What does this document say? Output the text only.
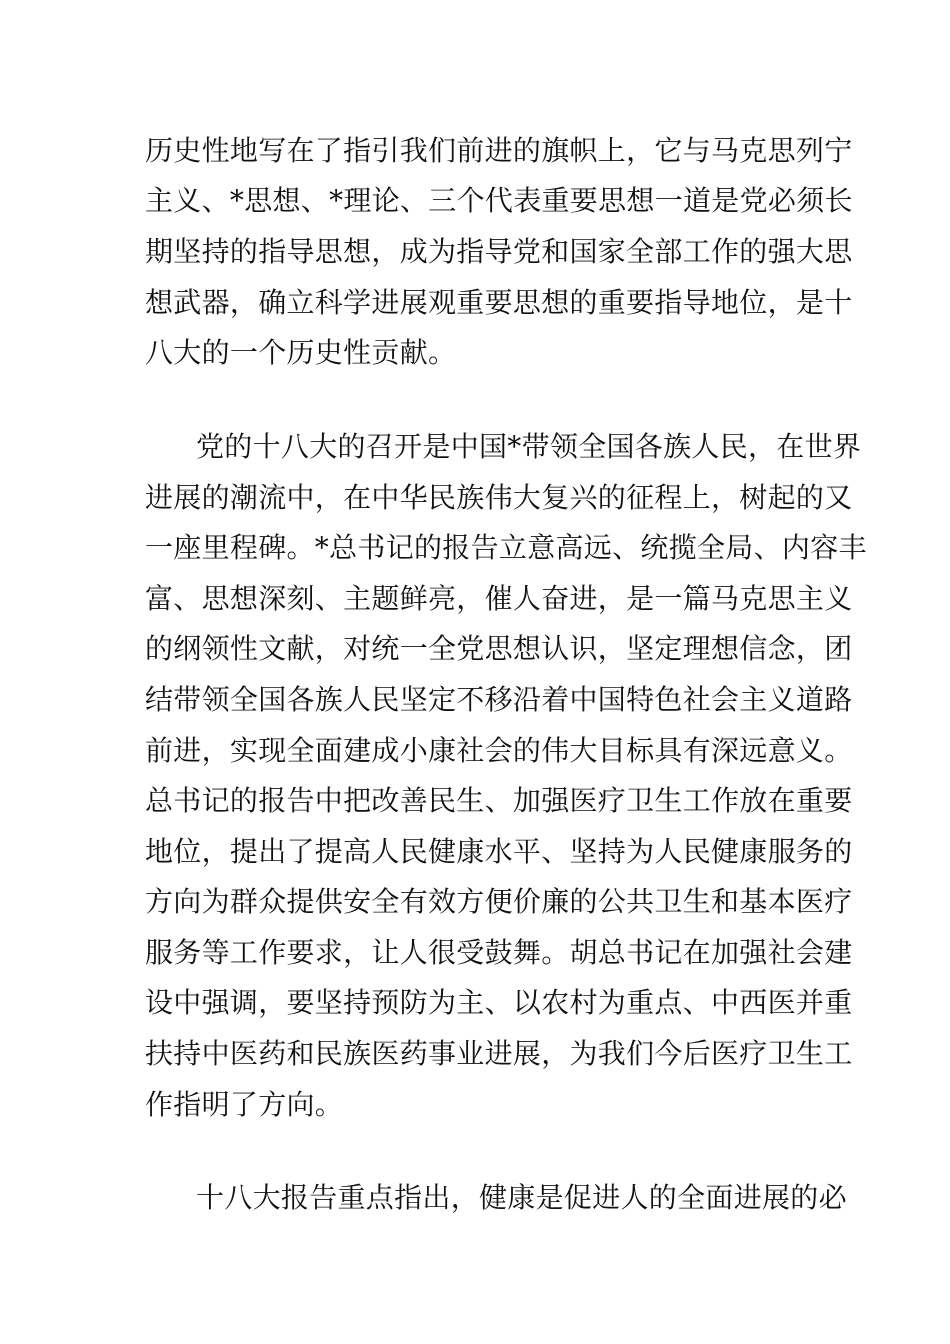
历史性地写在了指引我们前进的旗帜上，它与马克思列宁
主义、*思想、*理论、三个代表重要思想一道是党必须长
期坚持的指导思想，成为指导党和国家全部工作的强大思
想武器，确立科学进展观重要思想的重要指导地位，是十
八大的一个历史性贡献。
党的十八大的召开是中国*带领全国各族人民，在世界
进展的潮流中，在中华民族伟大复兴的征程上，树起的又
一座里程碑。*总书记的报告立意高远、统揽全局、内容丰
富、思想深刻、主题鲜亮，催人奋进，是一篇马克思主义
的纲领性文献，对统一全党思想认识，坚定理想信念，团
结带领全国各族人民坚定不移沿着中国特色社会主义道路
前进，实现全面建成小康社会的伟大目标具有深远意义。
总书记的报告中把改善民生、加强医疗卫生工作放在重要
地位，提出了提高人民健康水平、坚持为人民健康服务的
方向为群众提供安全有效方便价廉的公共卫生和基本医疗
服务等工作要求，让人很受鼓舞。胡总书记在加强社会建
设中强调，要坚持预防为主、以农村为重点、中西医并重
扶持中医药和民族医药事业进展，为我们今后医疗卫生工
作指明了方向。
十八大报告重点指出，健康是促进人的全面进展的必
